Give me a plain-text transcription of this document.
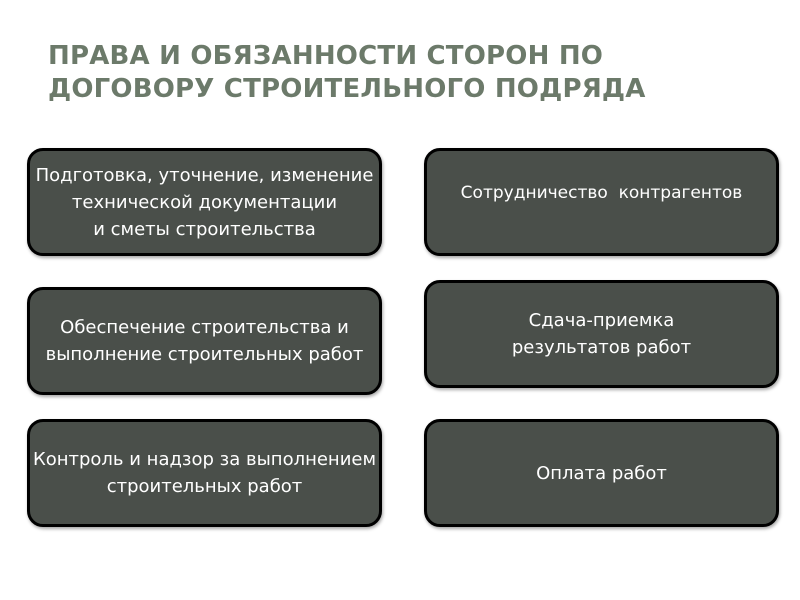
ПРАВА И ОБЯЗАННОСТИ СТОРОН ПО
ДОГОВОРУ СТРОИТЕЛЬНОГО ПОДРЯДА
Подготовка, уточнение, изменение
технической документации
и сметы строительства
Обеспечение строительства и
выполнение строительных работ
Контроль и надзор за выполнением
строительных работ
Сотрудничество  контрагентов
Сдача-приемка
результатов работ
Оплата работ
